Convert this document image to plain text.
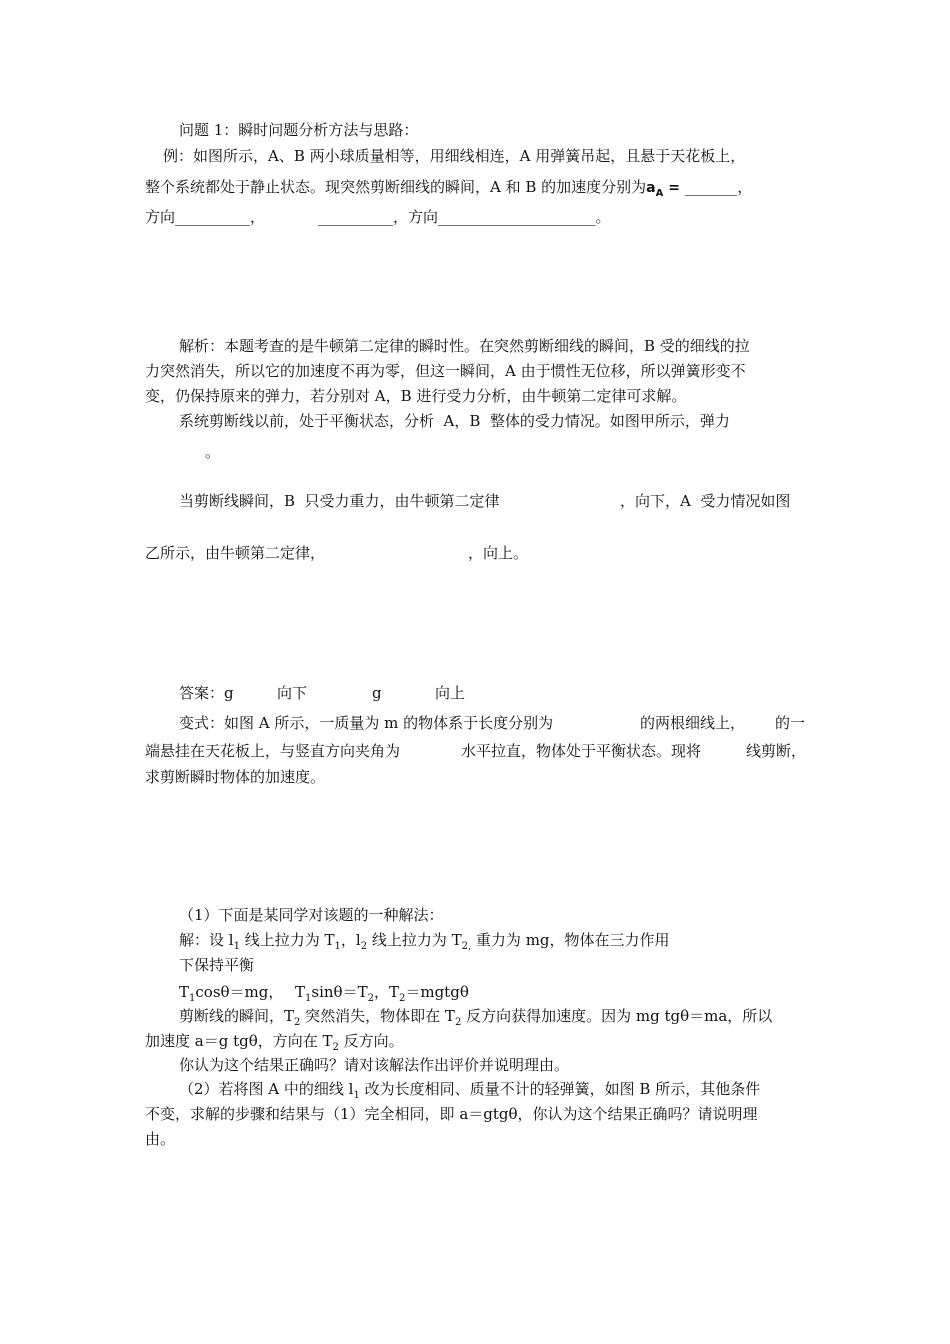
问题 1：瞬时问题分析方法与思路：
例：如图所示，A、B 两小球质量相等，用细线相连，A 用弹簧吊起，且悬于天花板上，
整个系统都处于静止状态。现突然剪断细线的瞬间，A 和 B 的加速度分别为$a_A$ = _______，
方向__________，	__________，方向_____________________。
解析：本题考查的是牛顿第二定律的瞬时性。在突然剪断细线的瞬间，B 受的细线的拉
力突然消失，所以它的加速度不再为零，但这一瞬间，A 由于惯性无位移，所以弹簧形变不
变，仍保持原来的弹力，若分别对 A，B 进行受力分析，由牛顿第二定律可求解。
系统剪断线以前，处于平衡状态，分析  A，B  整体的受力情况。如图甲所示，弹力
。
当剪断线瞬间，B  只受力重力，由牛顿第二定律	，向下，A  受力情况如图
乙所示，由牛顿第二定律，	，向上。
答案：g	向下	g	向上
变式：如图 A 所示，一质量为 m 的物体系于长度分别为	的两根细线上， 的一
端悬挂在天花板上，与竖直方向夹角为	水平拉直，物体处于平衡状态。现将	线剪断，
求剪断瞬时物体的加速度。
（1）下面是某同学对该题的一种解法：
解：设 $l_1$ 线上拉力为 $T_1$，$l_2$ 线上拉力为 $T_{2,}$ 重力为 mg，物体在三力作用
下保持平衡
$T_1\cos\theta=mg$， $T_1\sin\theta=T_2$，$T_2=mgtg\theta$
剪断线的瞬间，$T_2$ 突然消失，物体即在 $T_2$ 反方向获得加速度。因为 mg tgθ＝ma，所以
加速度 a＝g tgθ，方向在 $T_2$ 反方向。
你认为这个结果正确吗？请对该解法作出评价并说明理由。
（2）若将图 A 中的细线 $l_1$ 改为长度相同、质量不计的轻弹簧，如图 B 所示，其他条件
不变，求解的步骤和结果与（1）完全相同，即 a＝gtgθ，你认为这个结果正确吗？请说明理
由。
